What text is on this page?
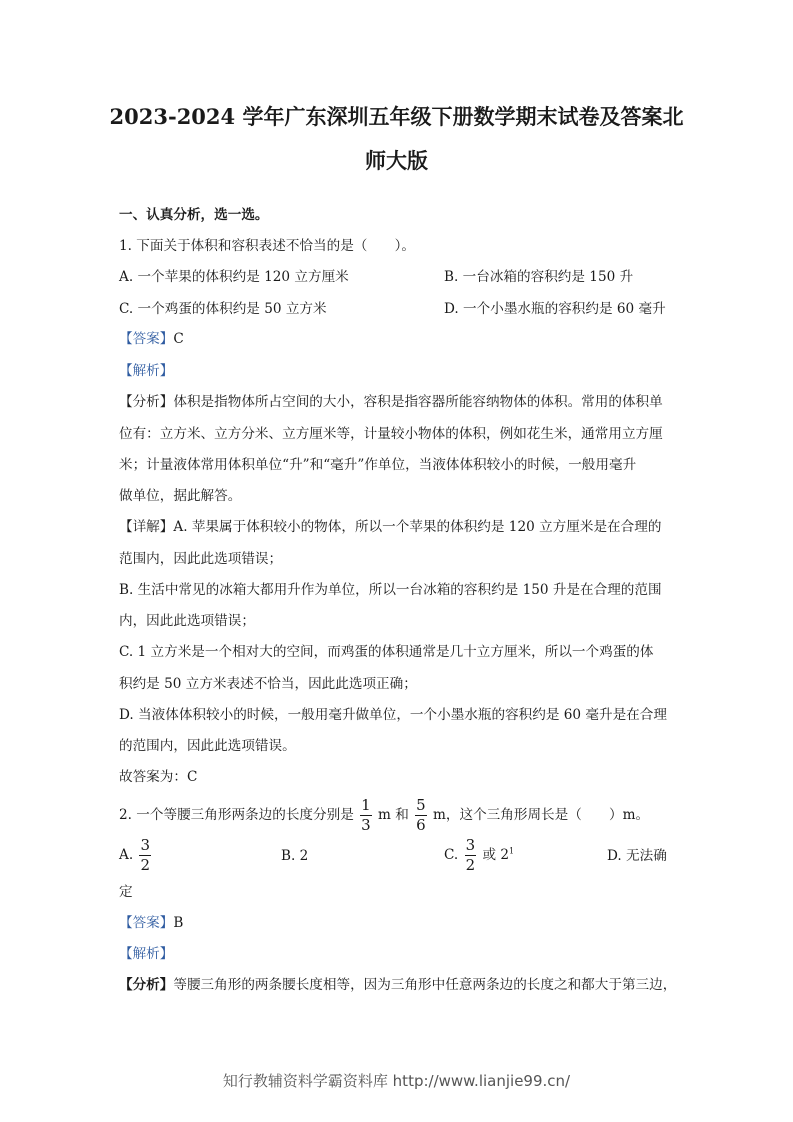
2023-2024 学年广东深圳五年级下册数学期末试卷及答案北
师大版
一、认真分析，选一选。
1. 下面关于体积和容积表述不恰当的是（　　）。
A. 一个苹果的体积约是 120 立方厘米	B. 一台冰箱的容积约是 150 升
C. 一个鸡蛋的体积约是 50 立方米	D. 一个小墨水瓶的容积约是 60 毫升
【答案】C
【解析】
【分析】体积是指物体所占空间的大小，容积是指容器所能容纳物体的体积。常用的体积单
位有：立方米、立方分米、立方厘米等，计量较小物体的体积，例如花生米，通常用立方厘
米；计量液体常用体积单位“升”和“毫升”作单位，当液体体积较小的时候，一般用毫升
做单位，据此解答。
【详解】A. 苹果属于体积较小的物体，所以一个苹果的体积约是 120 立方厘米是在合理的
范围内，因此此选项错误；
B. 生活中常见的冰箱大都用升作为单位，所以一台冰箱的容积约是 150 升是在合理的范围
内，因此此选项错误；
C. 1 立方米是一个相对大的空间，而鸡蛋的体积通常是几十立方厘米，所以一个鸡蛋的体
积约是 50 立方米表述不恰当，因此此选项正确；
D. 当液体体积较小的时候，一般用毫升做单位，一个小墨水瓶的容积约是 60 毫升是在合理
的范围内，因此此选项错误。
故答案为：C
2. 一个等腰三角形两条边的长度分别是 $\frac{1}{3}$ m 和 $\frac{5}{6}$ m，这个三角形周长是（　　）m。
A. $\frac{3}{2}$	B. 2	C. $\frac{3}{2}$ 或 $2^1$	D. 无法确
定
【答案】B
【解析】
【分析】等腰三角形的两条腰长度相等，因为三角形中任意两条边的长度之和都大于第三边，
知行教辅资料学霸资料库 http://www.lianjie99.cn/
